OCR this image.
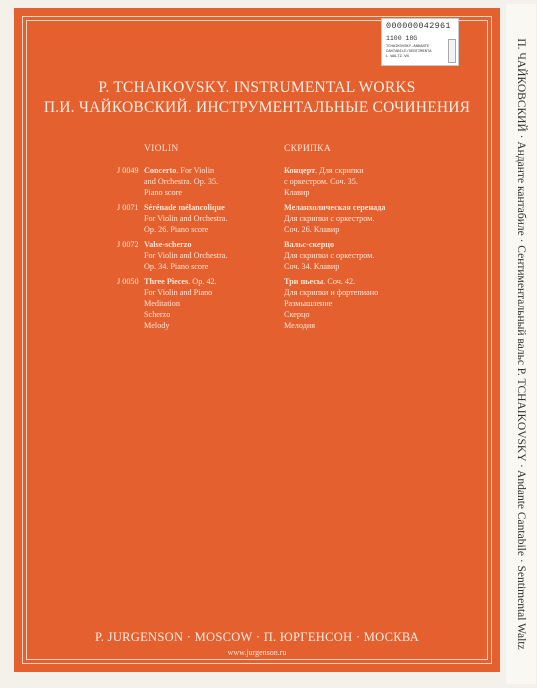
P. TCHAIKOVSKY. INSTRUMENTAL WORKS
П.И. ЧАЙКОВСКИЙ. ИНСТРУМЕНТАЛЬНЫЕ СОЧИНЕНИЯ
VIOLIN	СКРИПКА
J 0049 Concerto. For Violin
and Orchestra. Op. 35.
Piano score
Концерт. Для скрипки
с оркестром. Соч. 35.
Клавир
J 0071 Sérénade mélancolique
For Violin and Orchestra.
Op. 26. Piano score
Меланхолическая серенада
Для скрипки с оркестром.
Соч. 26. Клавир
J 0072 Valse-scherzo
For Violin and Orchestra.
Op. 34. Piano score
Вальс-скерцо
Для скрипки с оркестром.
Соч. 34. Клавир
J 0050 Three Pieces. Op. 42.
For Violin and Piano
Meditation
Scherzo
Melody
Три пьесы. Соч. 42.
Для скрипки и фортепиано
Размышление
Скерцо
Мелодия
P. JURGENSON · MOSCOW · П. ЮРГЕНСОН · МОСКВА
www.jurgenson.ru
000000042961
1100 18G
TCHAIKOVSKY-ANDANTE
CANTABILE/SENTIMENTA
L WALTZ-VN	П. ЧАЙКОВСКИЙ · Анданте кантабиле · Сентиментальный вальс P. TCHAIKOVSKY · Andante Cantabile · Sentimental Waltz
